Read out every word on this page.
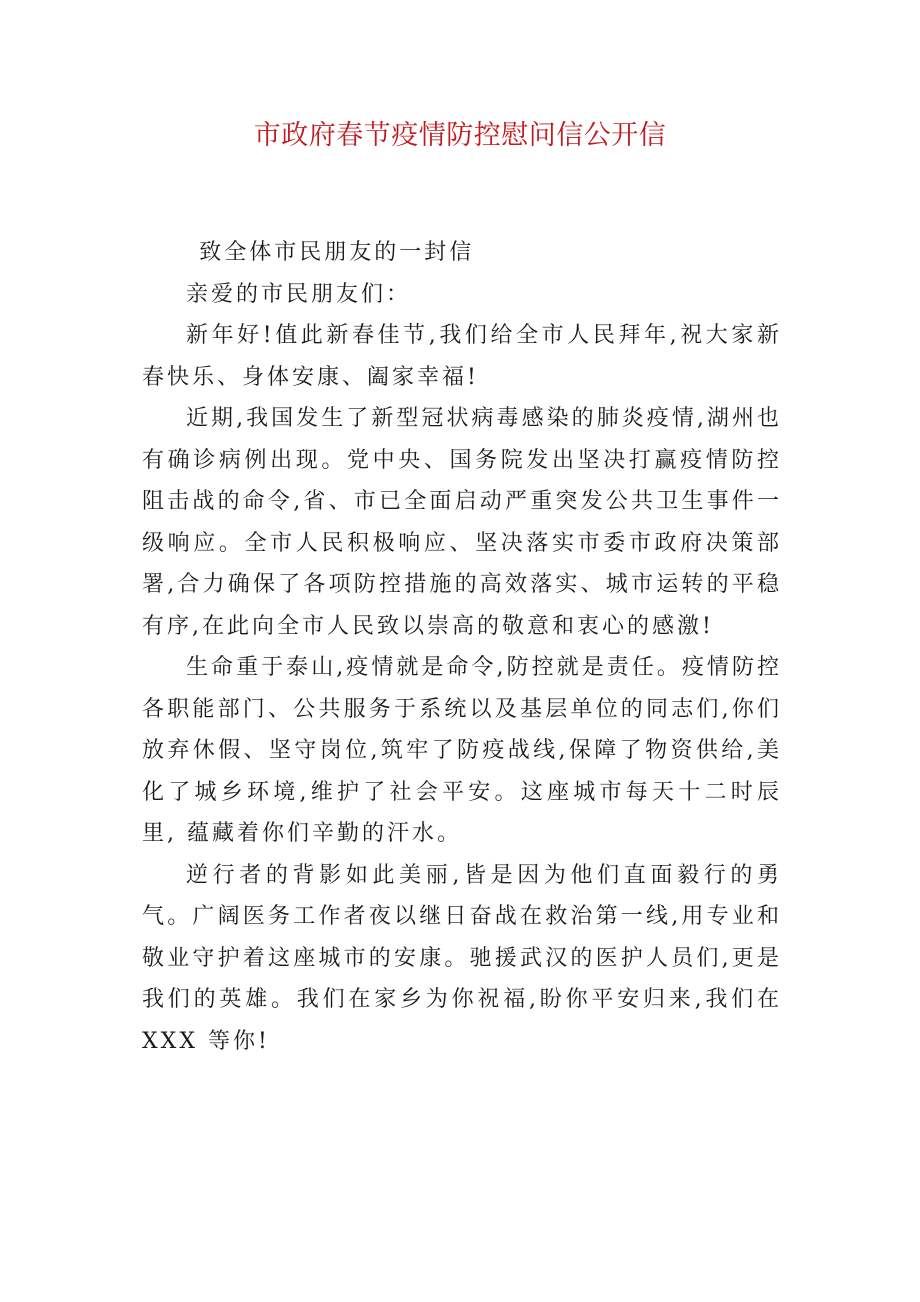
市政府春节疫情防控慰问信公开信

致全体市民朋友的一封信

亲爱的市民朋友们：

新年好!值此新春佳节,我们给全市人民拜年,祝大家新春快乐、身体安康、阖家幸福!

近期,我国发生了新型冠状病毒感染的肺炎疫情,湖州也有确诊病例出现。党中央、国务院发出坚决打赢疫情防控阻击战的命令,省、市已全面启动严重突发公共卫生事件一级响应。全市人民积极响应、坚决落实市委市政府决策部署,合力确保了各项防控措施的高效落实、城市运转的平稳有序,在此向全市人民致以崇高的敬意和衷心的感激!

生命重于泰山,疫情就是命令,防控就是责任。疫情防控各职能部门、公共服务于系统以及基层单位的同志们,你们放弃休假、坚守岗位,筑牢了防疫战线,保障了物资供给,美化了城乡环境,维护了社会平安。这座城市每天十二时辰里, 蕴藏着你们辛勤的汗水。

逆行者的背影如此美丽,皆是因为他们直面毅行的勇气。广阔医务工作者夜以继日奋战在救治第一线,用专业和敬业守护着这座城市的安康。驰援武汉的医护人员们,更是我们的英雄。我们在家乡为你祝福,盼你平安归来,我们在 XXX 等你!
